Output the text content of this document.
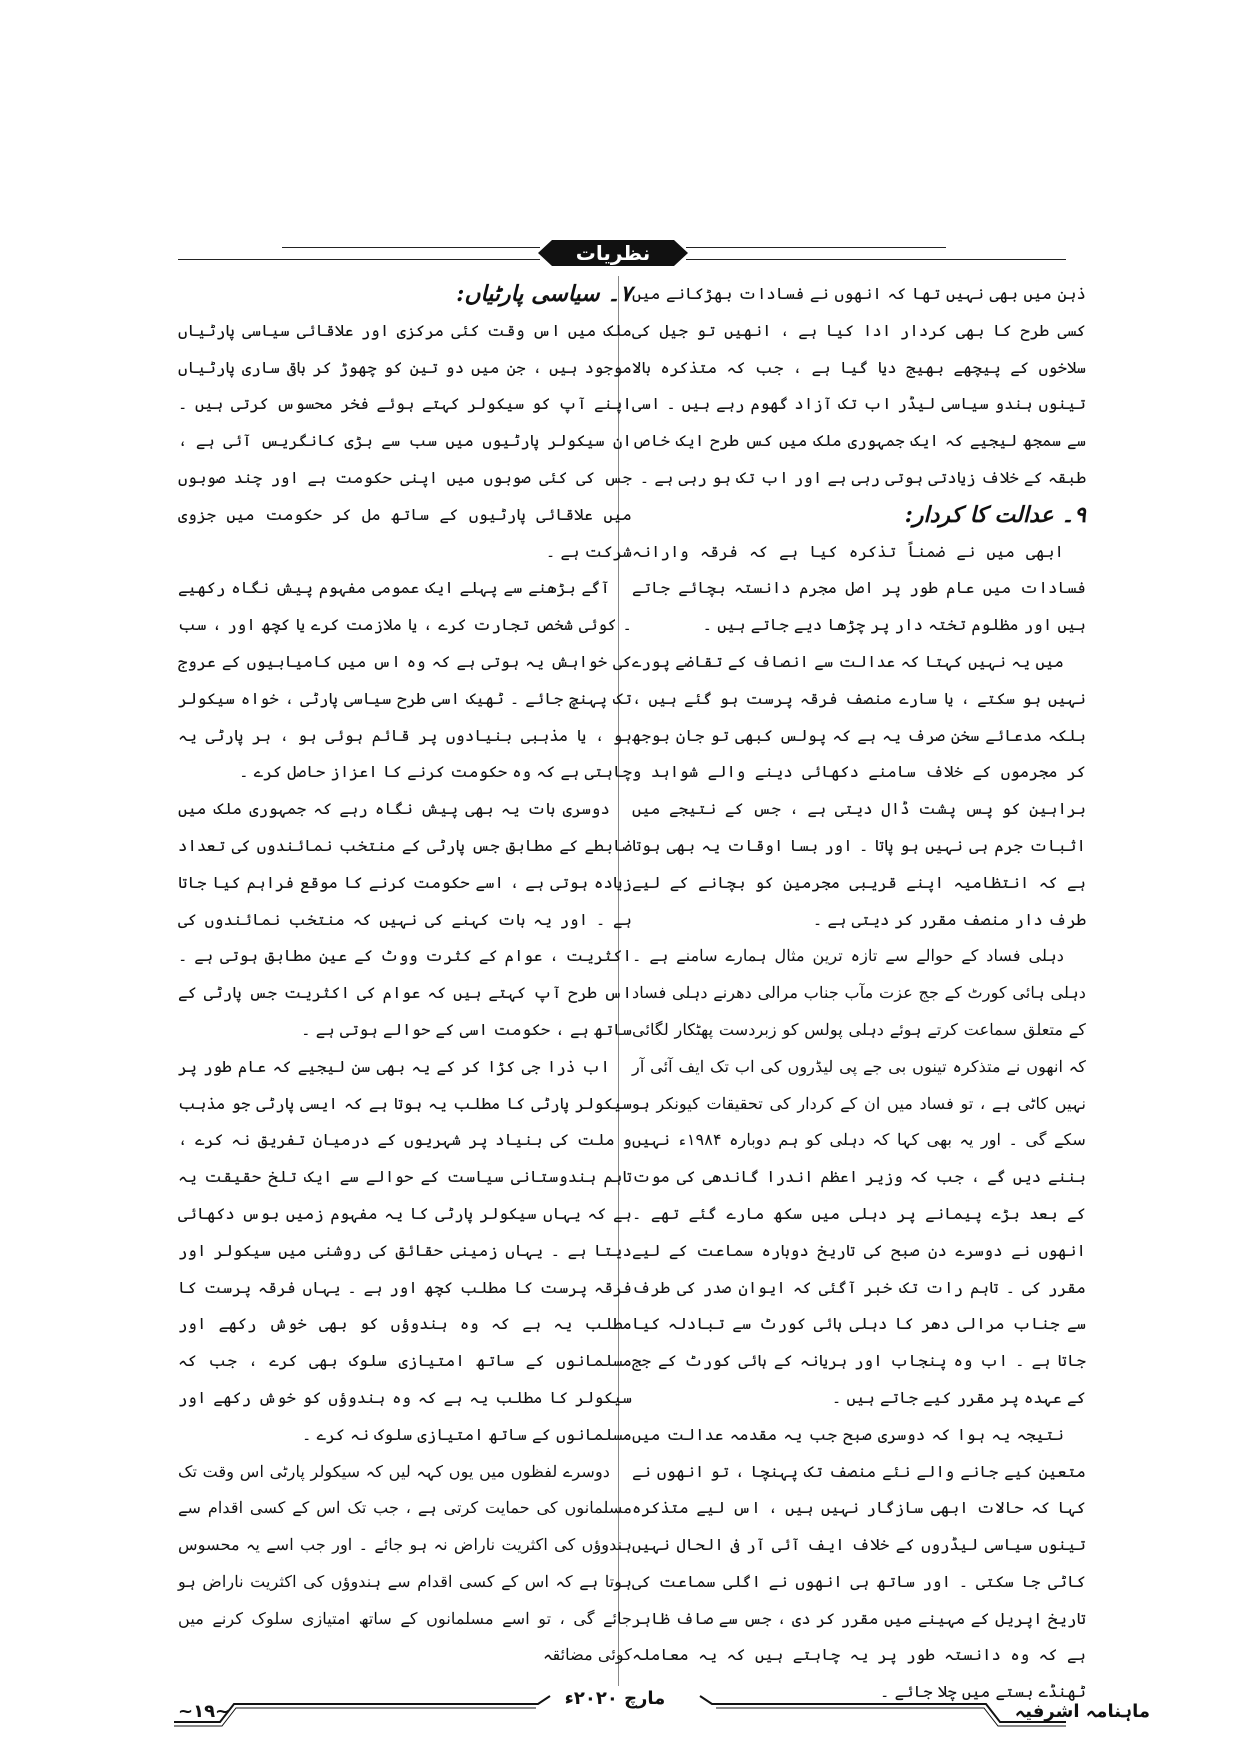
نظریات

ذہن میں بھی نہیں تھا کہ انھوں نے فسادات بھڑکانے میں کسی طرح کا بھی کردار ادا کیا ہے ، انھیں تو جیل کی سلاخوں کے پیچھے بھیج دیا گیا ہے ، جب کہ متذکرہ بالا تینوں ہندو سیاسی لیڈر اب تک آزاد گھوم رہے ہیں ۔ اسی سے سمجھ لیجیے کہ ایک جمہوری ملک میں کس طرح ایک خاص طبقہ کے خلاف زیادتی ہوتی رہی ہے اور اب تک ہو رہی ہے ۔

۹۔ عدالت کا کردار:

ابھی میں نے ضمناً تذکرہ کیا ہے کہ فرقہ وارانہ فسادات میں عام طور پر اصل مجرم دانستہ بچائے جاتے ہیں اور مظلوم تختہ دار پر چڑھا دیے جاتے ہیں ۔

میں یہ نہیں کہتا کہ عدالت سے انصاف کے تقاضے پورے نہیں ہو سکتے ، یا سارے منصف فرقہ پرست ہو گئے ہیں ، بلکہ مدعائے سخن صرف یہ ہے کہ پولس کبھی تو جان بوجھ کر مجرموں کے خلاف سامنے دکھائی دینے والے شواہد و براہین کو پس پشت ڈال دیتی ہے ، جس کے نتیجے میں اثبات جرم ہی نہیں ہو پاتا ۔ اور بسا اوقات یہ بھی ہوتا ہے کہ انتظامیہ اپنے قریبی مجرمین کو بچانے کے لیے طرف دار منصف مقرر کر دیتی ہے ۔

دہلی فساد کے حوالے سے تازہ ترین مثال ہمارے سامنے ہے ۔ دہلی ہائی کورٹ کے جج عزت مآب جناب مرالی دھرنے دہلی فساد کے متعلق سماعت کرتے ہوئے دہلی پولس کو زبردست پھٹکار لگائی کہ انھوں نے متذکرہ تینوں بی جے پی لیڈروں کی اب تک ایف آئی آر نہیں کاٹی ہے ، تو فساد میں ان کے کردار کی تحقیقات کیونکر ہو سکے گی ۔ اور یہ بھی کہا کہ دہلی کو ہم دوبارہ ۱۹۸۴ء نہیں بننے دیں گے ، جب کہ وزیر اعظم اندرا گاندھی کی موت کے بعد بڑے پیمانے پر دہلی میں سکھ مارے گئے تھے ۔ انھوں نے دوسرے دن صبح کی تاریخ دوبارہ سماعت کے لیے مقرر کی ۔ تاہم رات تک خبر آگئی کہ ایوان صدر کی طرف سے جناب مرالی دھر کا دہلی ہائی کورٹ سے تبادلہ کیا جاتا ہے ۔ اب وہ پنجاب اور ہریانہ کے ہائی کورٹ کے جج کے عہدہ پر مقرر کیے جاتے ہیں ۔

نتیجہ یہ ہوا کہ دوسری صبح جب یہ مقدمہ عدالت میں متعین کیے جانے والے نئے منصف تک پہنچا ، تو انھوں نے کہا کہ حالات ابھی سازگار نہیں ہیں ، اس لیے متذکرہ تینوں سیاسی لیڈروں کے خلاف ایف آئی آر فی الحال نہیں کاٹی جا سکتی ۔ اور ساتھ ہی انھوں نے اگلی سماعت کی تاریخ اپریل کے مہینے میں مقرر کر دی ، جس سے صاف ظاہر ہے کہ وہ دانستہ طور پر یہ چاہتے ہیں کہ یہ معاملہ ٹھنڈے بستے میں چلا جائے ۔

۷۔ سیاسی پارٹیاں:

ملک میں اس وقت کئی مرکزی اور علاقائی سیاسی پارٹیاں موجود ہیں ، جن میں دو تین کو چھوڑ کر باقی ساری پارٹیاں اپنے آپ کو سیکولر کہتے ہوئے فخر محسوس کرتی ہیں ۔ ان سیکولر پارٹیوں میں سب سے بڑی کانگریس آئی ہے ، جس کی کئی صوبوں میں اپنی حکومت ہے اور چند صوبوں میں علاقائی پارٹیوں کے ساتھ مل کر حکومت میں جزوی شرکت ہے ۔

آگے بڑھنے سے پہلے ایک عمومی مفہوم پیش نگاہ رکھیے ۔ کوئی شخص تجارت کرے ، یا ملازمت کرے یا کچھ اور ، سب کی خواہش یہ ہوتی ہے کہ وہ اس میں کامیابیوں کے عروج تک پہنچ جائے ۔ ٹھیک اسی طرح سیاسی پارٹی ، خواہ سیکولر ہو ، یا مذہبی بنیادوں پر قائم ہوئی ہو ، ہر پارٹی یہ چاہتی ہے کہ وہ حکومت کرنے کا اعزاز حاصل کرے ۔

دوسری بات یہ بھی پیش نگاہ رہے کہ جمہوری ملک میں ضابطے کے مطابق جس پارٹی کے منتخب نمائندوں کی تعداد زیادہ ہوتی ہے ، اسے حکومت کرنے کا موقع فراہم کیا جاتا ہے ۔ اور یہ بات کہنے کی نہیں کہ منتخب نمائندوں کی اکثریت ، عوام کے کثرت ووٹ کے عین مطابق ہوتی ہے ۔ اس طرح آپ کہتے ہیں کہ عوام کی اکثریت جس پارٹی کے ساتھ ہے ، حکومت اسی کے حوالے ہوتی ہے ۔

اب ذرا جی کڑا کر کے یہ بھی سن لیجیے کہ عام طور پر سیکولر پارٹی کا مطلب یہ ہوتا ہے کہ ایسی پارٹی جو مذہب و ملت کی بنیاد پر شہریوں کے درمیان تفریق نہ کرے ، تاہم ہندوستانی سیاست کے حوالے سے ایک تلخ حقیقت یہ ہے کہ یہاں سیکولر پارٹی کا یہ مفہوم زمیں بوس دکھائی دیتا ہے ۔ یہاں زمینی حقائق کی روشنی میں سیکولر اور فرقہ پرست کا مطلب کچھ اور ہے ۔ یہاں فرقہ پرست کا مطلب یہ ہے کہ وہ ہندوؤں کو بھی خوش رکھے اور مسلمانوں کے ساتھ امتیازی سلوک بھی کرے ، جب کہ سیکولر کا مطلب یہ ہے کہ وہ ہندوؤں کو خوش رکھے اور مسلمانوں کے ساتھ امتیازی سلوک نہ کرے ۔

دوسرے لفظوں میں یوں کہہ لیں کہ سیکولر پارٹی اس وقت تک مسلمانوں کی حمایت کرتی ہے ، جب تک اس کے کسی اقدام سے ہندوؤں کی اکثریت ناراض نہ ہو جائے ۔ اور جب اسے یہ محسوس ہوتا ہے کہ اس کے کسی اقدام سے ہندوؤں کی اکثریت ناراض ہو جائے گی ، تو اسے مسلمانوں کے ساتھ امتیازی سلوک کرنے میں کوئی مضائقہ

ماہنامہ اشرفیہ
مارچ ۲۰۲۰ء
~۱۹~
